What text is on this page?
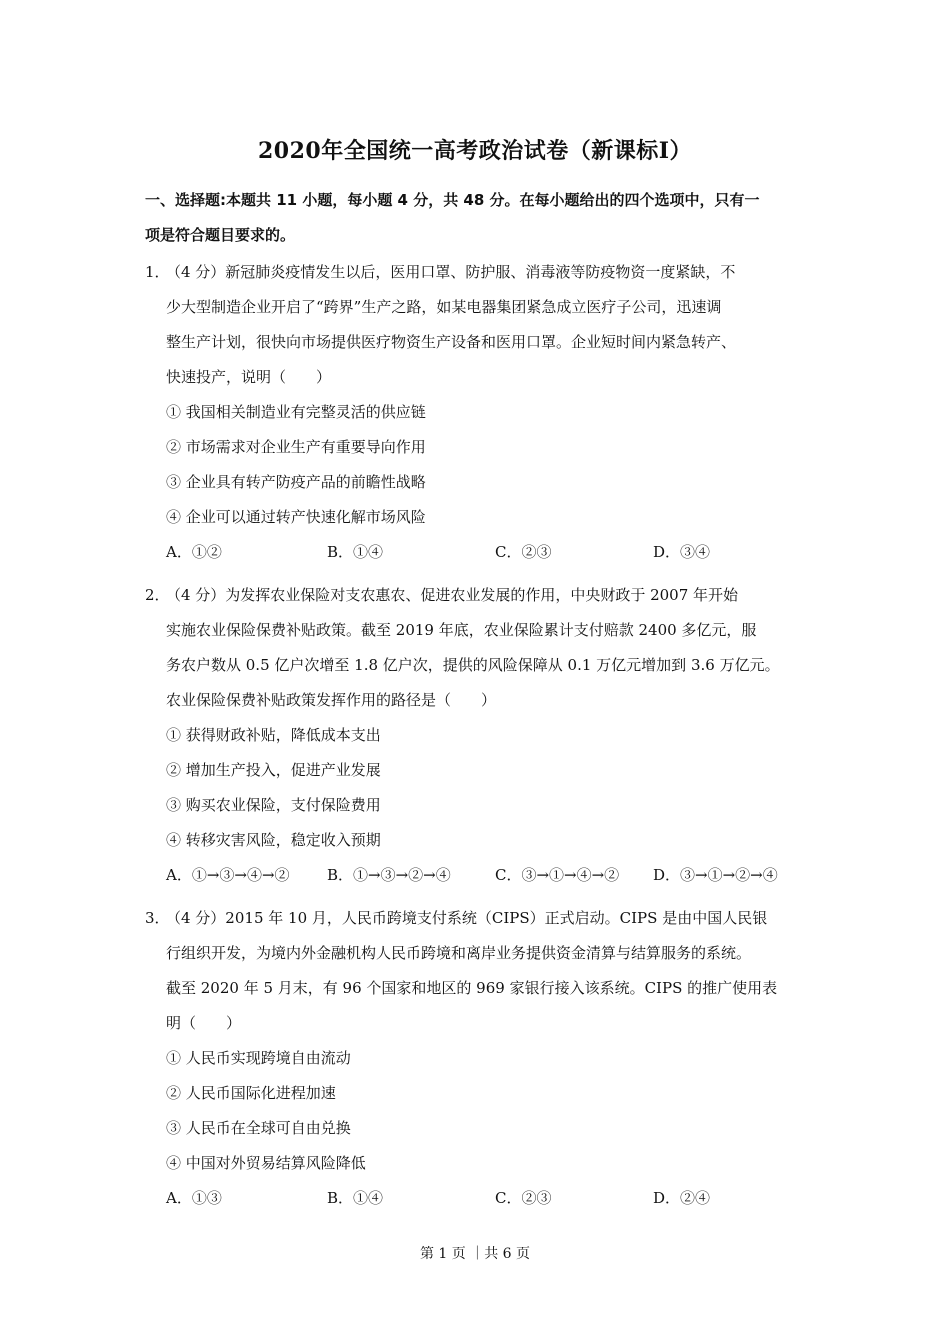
2020年全国统一高考政治试卷（新课标Ⅰ）
一、选择题:本题共 11 小题，每小题 4 分，共 48 分。在每小题给出的四个选项中，只有一
项是符合题目要求的。
1．
（4 分）新冠肺炎疫情发生以后，医用口罩、防护服、消毒液等防疫物资一度紧缺，不
少大型制造企业开启了“跨界”生产之路，如某电器集团紧急成立医疗子公司，迅速调
整生产计划，很快向市场提供医疗物资生产设备和医用口罩。企业短时间内紧急转产、
快速投产，说明（　　）
① 我国相关制造业有完整灵活的供应链
② 市场需求对企业生产有重要导向作用
③ 企业具有转产防疫产品的前瞻性战略
④ 企业可以通过转产快速化解市场风险
A．①②	B．①④	C．②③	D．③④
2．
（4 分）为发挥农业保险对支农惠农、促进农业发展的作用，中央财政于 2007 年开始
实施农业保险保费补贴政策。截至 2019 年底，农业保险累计支付赔款 2400 多亿元，服
务农户数从 0.5 亿户次增至 1.8 亿户次，提供的风险保障从 0.1 万亿元增加到 3.6 万亿元。
农业保险保费补贴政策发挥作用的路径是（　　）
① 获得财政补贴，降低成本支出
② 增加生产投入，促进产业发展
③ 购买农业保险，支付保险费用
④ 转移灾害风险，稳定收入预期
A．①→③→④→② B．①→③→②→④	C．③→①→④→② D．③→①→②→④
3．
（4 分）2015 年 10 月，人民币跨境支付系统（CIPS）正式启动。CIPS 是由中国人民银
行组织开发，为境内外金融机构人民币跨境和离岸业务提供资金清算与结算服务的系统。
截至 2020 年 5 月末，有 96 个国家和地区的 969 家银行接入该系统。CIPS 的推广使用表
明（　　）
① 人民币实现跨境自由流动
② 人民币国际化进程加速
③ 人民币在全球可自由兑换
④ 中国对外贸易结算风险降低
A．①③	B．①④	C．②③	D．②④
第 1 页 ｜共 6 页
